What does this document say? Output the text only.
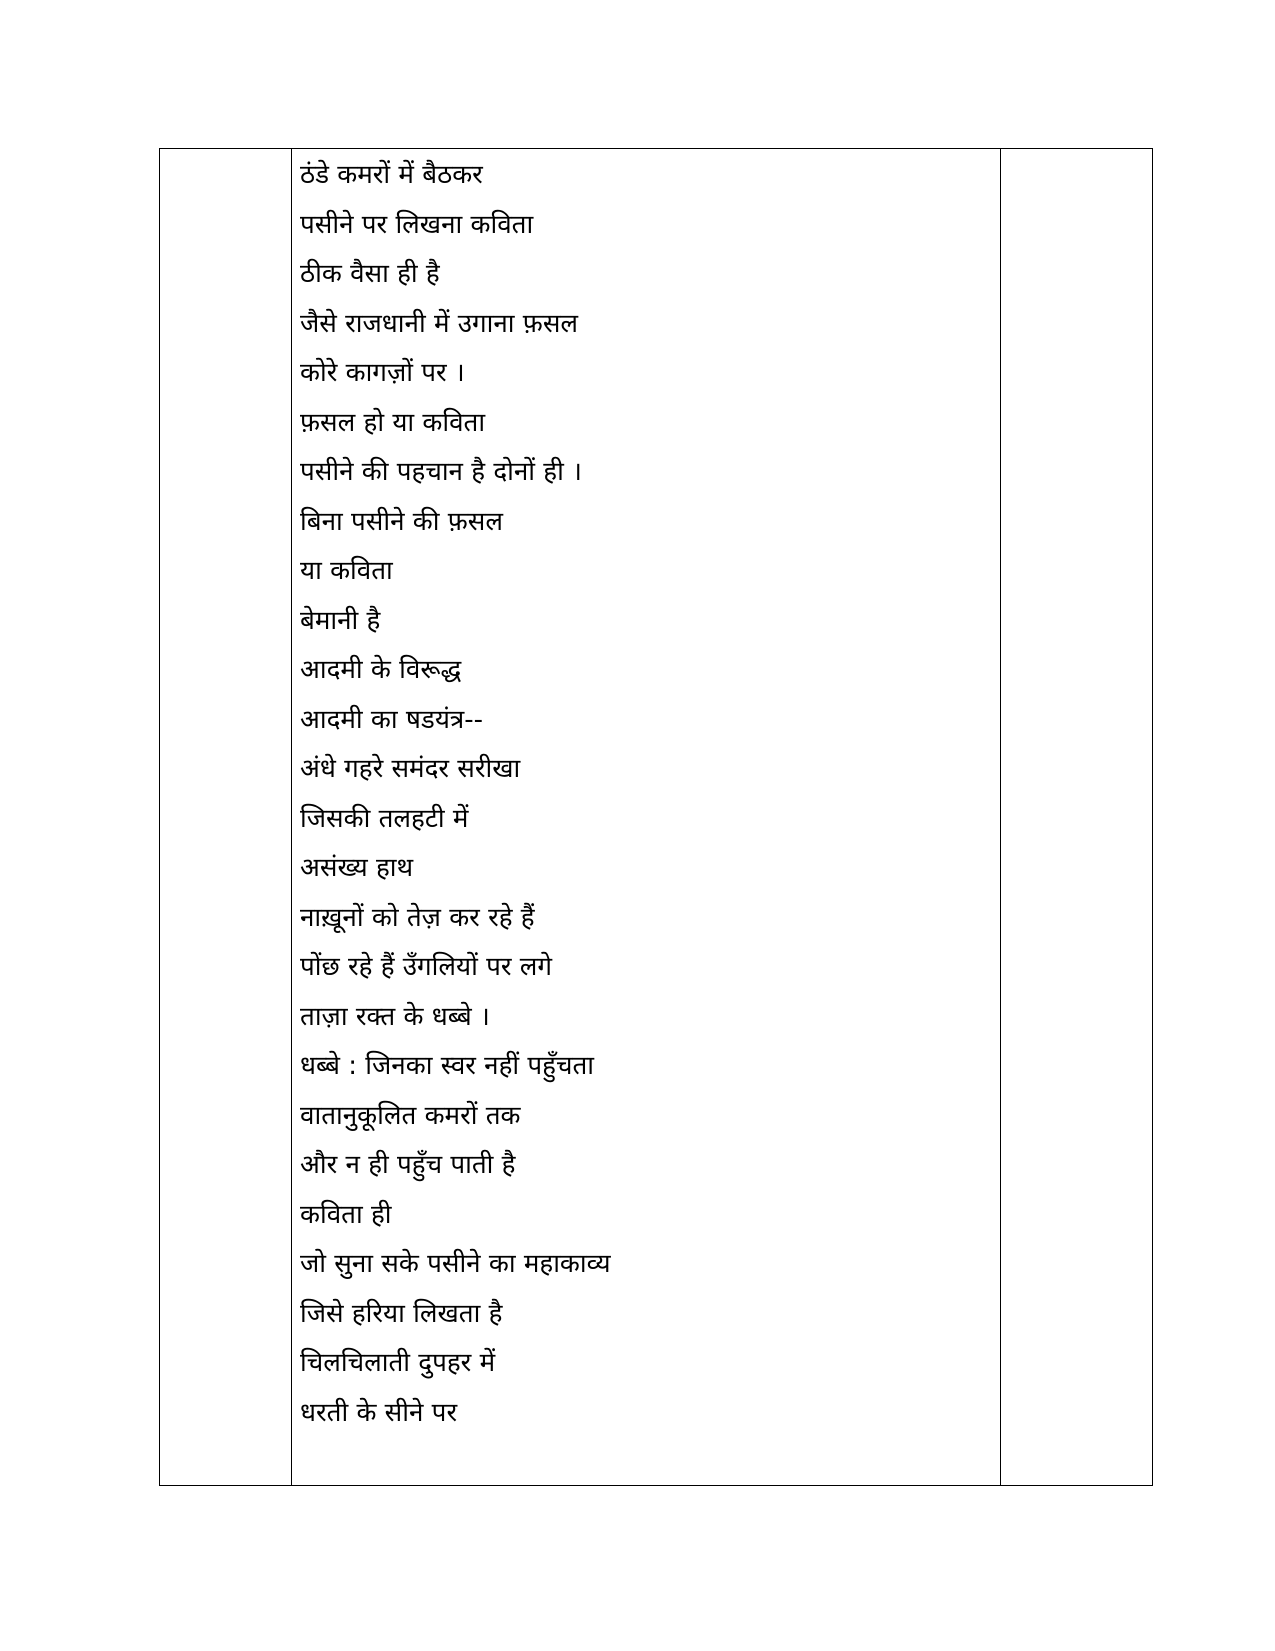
ठंडे कमरों में बैठकर
पसीने पर लिखना कविता
ठीक वैसा ही है
जैसे राजधानी में उगाना फ़सल
कोरे कागज़ों पर ।
फ़सल हो या कविता
पसीने की पहचान है दोनों ही ।
बिना पसीने की फ़सल
या कविता
बेमानी है
आदमी के विरूद्ध
आदमी का षडयंत्र--
अंधे गहरे समंदर सरीखा
जिसकी तलहटी में
असंख्य हाथ
नाख़ूनों को तेज़ कर रहे हैं
पोंछ रहे हैं उँगलियों पर लगे
ताज़ा रक्त के धब्बे ।
धब्बे : जिनका स्वर नहीं पहुँचता
वातानुकूलित कमरों तक
और न ही पहुँच पाती है
कविता ही
जो सुना सके पसीने का महाकाव्य
जिसे हरिया लिखता है
चिलचिलाती दुपहर में
धरती के सीने पर
